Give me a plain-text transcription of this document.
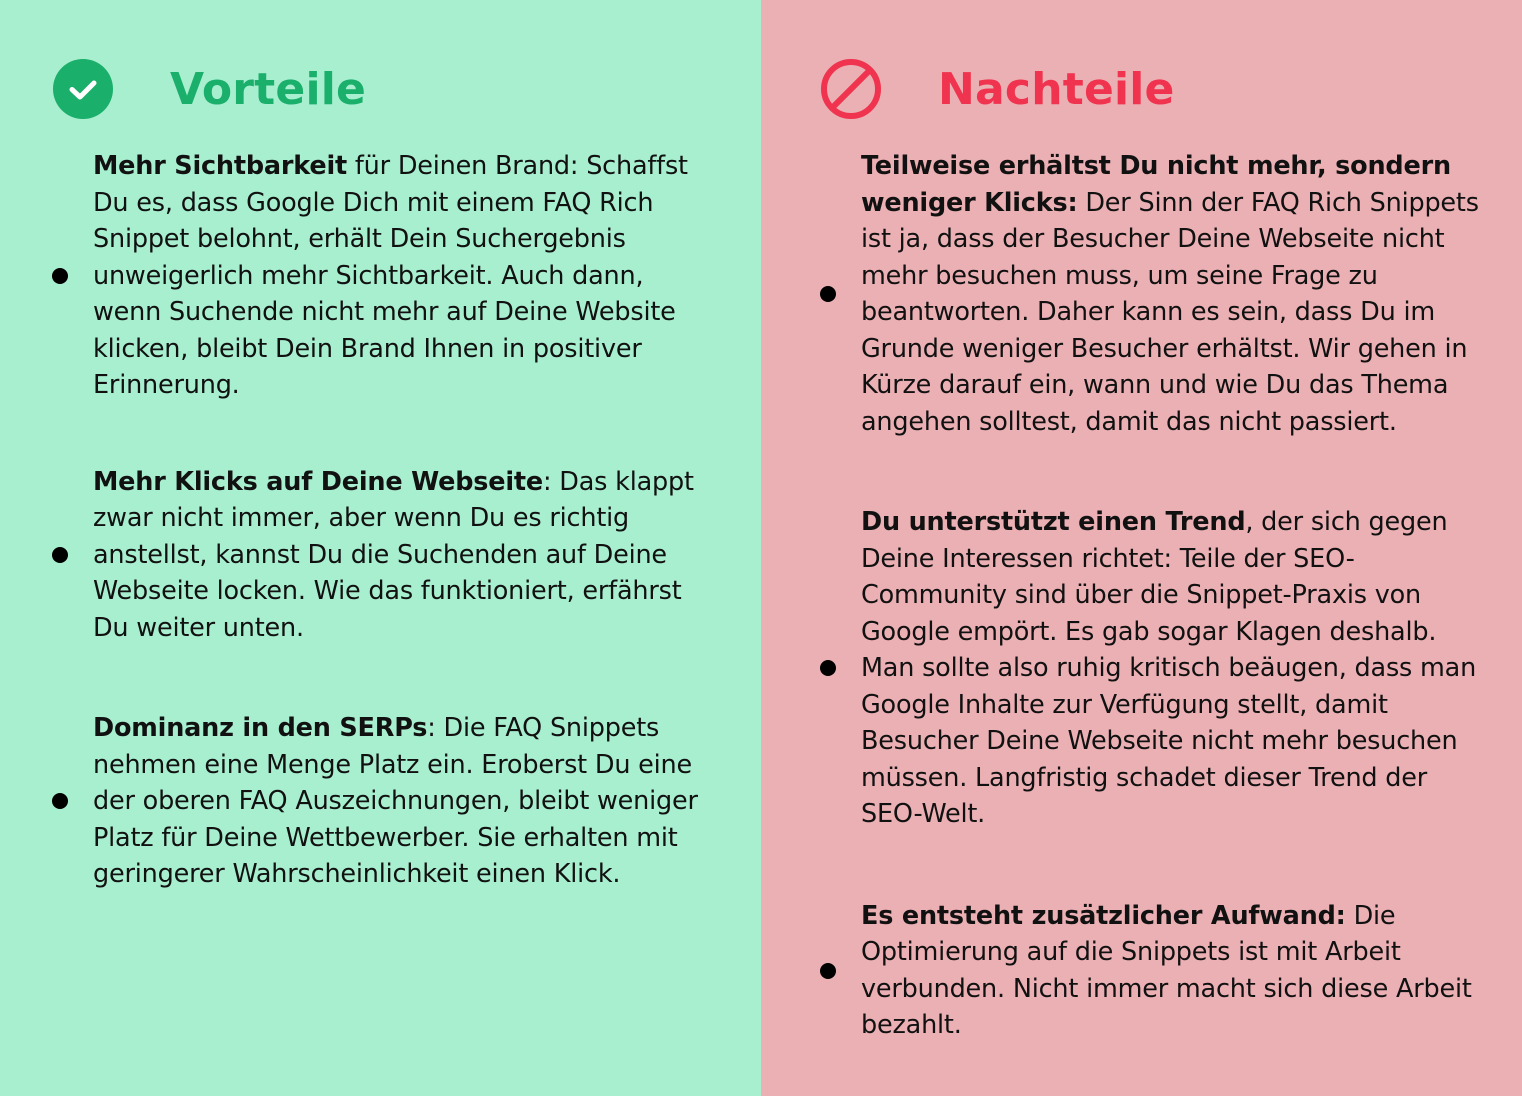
Vorteile

Mehr Sichtbarkeit für Deinen Brand: Schaffst Du es, dass Google Dich mit einem FAQ Rich Snippet belohnt, erhält Dein Suchergebnis unweigerlich mehr Sichtbarkeit. Auch dann, wenn Suchende nicht mehr auf Deine Website klicken, bleibt Dein Brand Ihnen in positiver Erinnerung.

Mehr Klicks auf Deine Webseite: Das klappt zwar nicht immer, aber wenn Du es richtig anstellst, kannst Du die Suchenden auf Deine Webseite locken. Wie das funktioniert, erfährst Du weiter unten.

Dominanz in den SERPs: Die FAQ Snippets nehmen eine Menge Platz ein. Eroberst Du eine der oberen FAQ Auszeichnungen, bleibt weniger Platz für Deine Wettbewerber. Sie erhalten mit geringerer Wahrscheinlichkeit einen Klick.

Nachteile

Teilweise erhältst Du nicht mehr, sondern weniger Klicks: Der Sinn der FAQ Rich Snippets ist ja, dass der Besucher Deine Webseite nicht mehr besuchen muss, um seine Frage zu beantworten. Daher kann es sein, dass Du im Grunde weniger Besucher erhältst. Wir gehen in Kürze darauf ein, wann und wie Du das Thema angehen solltest, damit das nicht passiert.

Du unterstützt einen Trend, der sich gegen Deine Interessen richtet: Teile der SEO-Community sind über die Snippet-Praxis von Google empört. Es gab sogar Klagen deshalb. Man sollte also ruhig kritisch beäugen, dass man Google Inhalte zur Verfügung stellt, damit Besucher Deine Webseite nicht mehr besuchen müssen. Langfristig schadet dieser Trend der SEO-Welt.

Es entsteht zusätzlicher Aufwand: Die Optimierung auf die Snippets ist mit Arbeit verbunden. Nicht immer macht sich diese Arbeit bezahlt.
